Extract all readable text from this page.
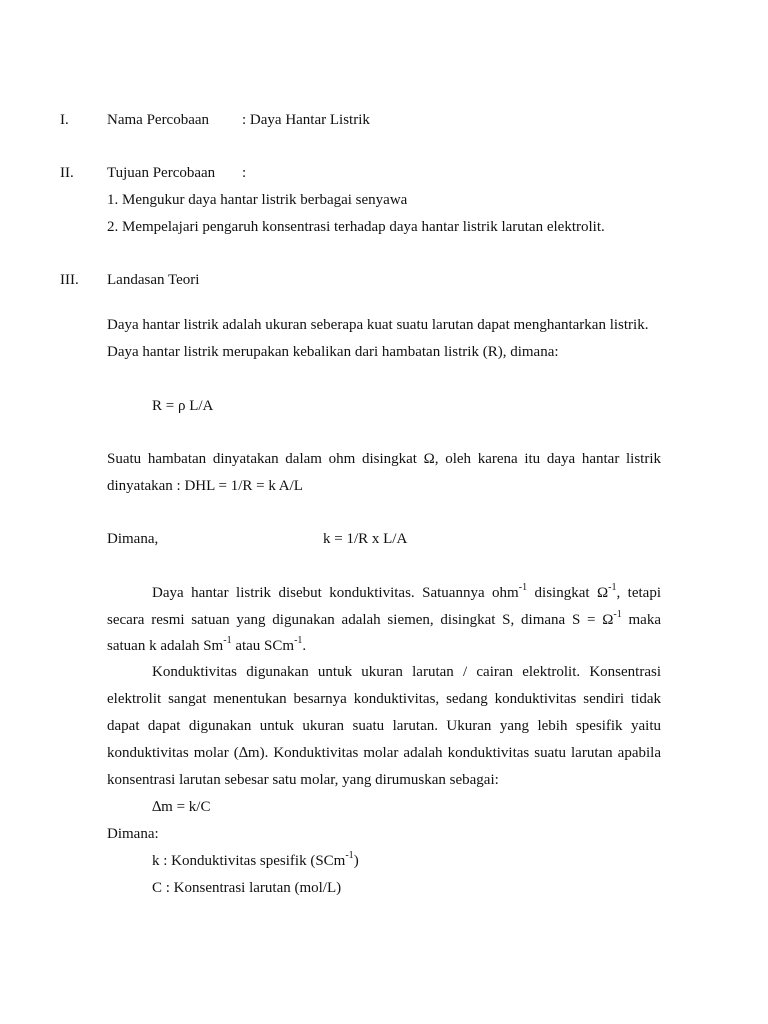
I.	Nama Percobaan : Daya Hantar Listrik
II. Tujuan Percobaan :
1. Mengukur daya hantar listrik berbagai senyawa
2. Mempelajari pengaruh konsentrasi terhadap daya hantar listrik larutan elektrolit.
III. Landasan Teori
Daya hantar listrik adalah ukuran seberapa kuat suatu larutan dapat menghantarkan listrik.
Daya hantar listrik merupakan kebalikan dari hambatan listrik (R), dimana:
R = ρ L/A
Suatu hambatan dinyatakan dalam ohm disingkat Ω, oleh karena itu daya hantar listrik
dinyatakan : DHL = 1/R = k A/L
Dimana,	k = 1/R x L/A
Daya hantar listrik disebut konduktivitas. Satuannya ohm$^{-1}$ disingkat $\Omega^{-1}$, tetapi
secara resmi satuan yang digunakan adalah siemen, disingkat S, dimana $S = \Omega^{-1}$ maka
satuan k adalah $Sm^{-1}$ atau SCm$^{-1}$.
Konduktivitas digunakan untuk ukuran larutan / cairan elektrolit. Konsentrasi
elektrolit sangat menentukan besarnya konduktivitas, sedang konduktivitas sendiri tidak
dapat dapat digunakan untuk ukuran suatu larutan. Ukuran yang lebih spesifik yaitu
konduktivitas molar (∆m). Konduktivitas molar adalah konduktivitas suatu larutan apabila
konsentrasi larutan sebesar satu molar, yang dirumuskan sebagai:
∆m = k/C
Dimana:
k : Konduktivitas spesifik (SCm$^{-1}$)
C : Konsentrasi larutan (mol/L)
